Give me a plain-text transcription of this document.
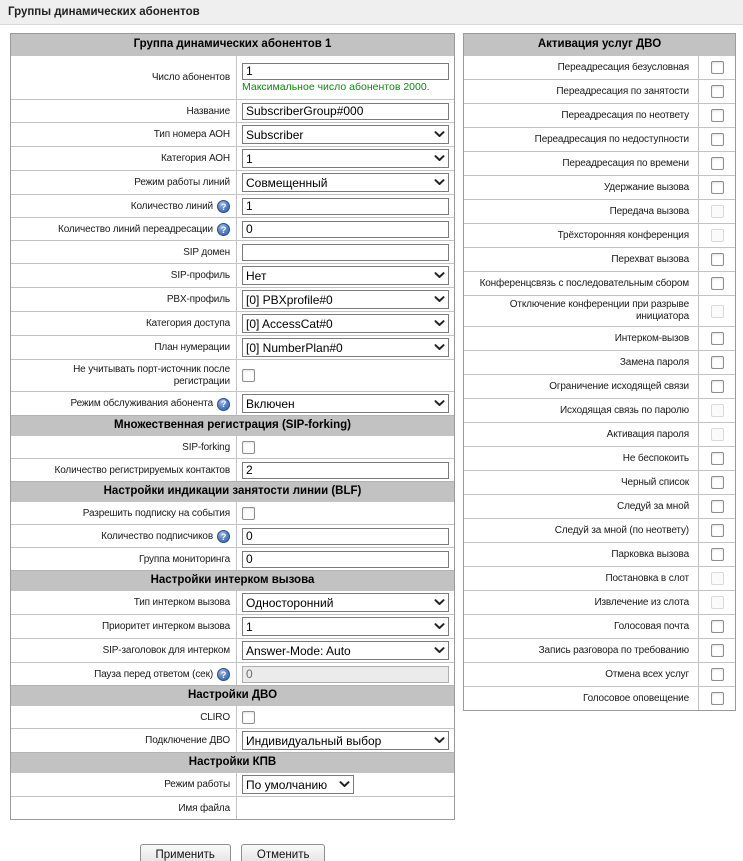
Группы динамических абонентов
Группа динамических абонентов 1
Число абонентов
1
Максимальное число абонентов 2000.
Название
SubscriberGroup#000
Тип номера АОН
Subscriber
Категория АОН
1
Режим работы линий
Совмещенный
Количество линий ?
1
Количество линий переадресации ?
0
SIP домен
SIP-профиль
Нет
PBX-профиль
[0] PBXprofile#0
Категория доступа
[0] AccessCat#0
План нумерации
[0] NumberPlan#0
Не учитывать порт-источник после регистрации
Режим обслуживания абонента ?
Включен
Множественная регистрация (SIP-forking)
SIP-forking
Количество регистрируемых контактов
2
Настройки индикации занятости линии (BLF)
Разрешить подписку на события
Количество подписчиков ?
0
Группа мониторинга
0
Настройки интерком вызова
Тип интерком вызова
Односторонний
Приоритет интерком вызова
1
SIP-заголовок для интерком
Answer-Mode: Auto
Пауза перед ответом (сек) ?
0
Настройки ДВО
CLIRO
Подключение ДВО
Индивидуальный выбор
Настройки КПВ
Режим работы
По умолчанию
Имя файла
Применить	Отменить
Активация услуг ДВО
Переадресация безусловная
Переадресация по занятости
Переадресация по неответу
Переадресация по недоступности
Переадресация по времени
Удержание вызова
Передача вызова
Трёхсторонняя конференция
Перехват вызова
Конференцсвязь с последовательным сбором
Отключение конференции при разрыве инициатора
Интерком-вызов
Замена пароля
Ограничение исходящей связи
Исходящая связь по паролю
Активация пароля
Не беспокоить
Черный список
Следуй за мной
Следуй за мной (по неответу)
Парковка вызова
Постановка в слот
Извлечение из слота
Голосовая почта
Запись разговора по требованию
Отмена всех услуг
Голосовое оповещение
